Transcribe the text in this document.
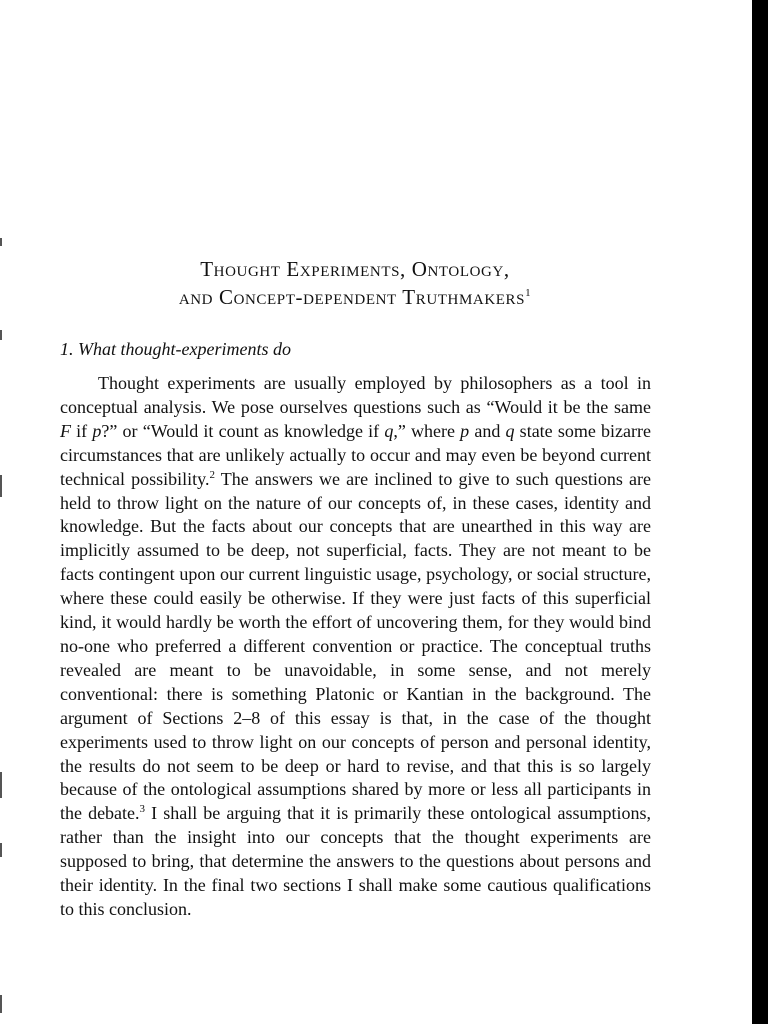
Thought Experiments, Ontology,
and Concept-dependent Truthmakers$^1$
1. What thought-experiments do

Thought experiments are usually employed by philosophers as a tool in conceptual analysis. We pose ourselves questions such as “Would it be the same F if p?” or “Would it count as knowledge if q,” where p and q state some bizarre circumstances that are unlikely actually to occur and may even be beyond current technical possibility.$^2$ The answers we are inclined to give to such questions are held to throw light on the nature of our concepts of, in these cases, identity and knowledge. But the facts about our concepts that are unearthed in this way are implicitly assumed to be deep, not superficial, facts. They are not meant to be facts contingent upon our current linguistic usage, psychology, or social structure, where these could easily be otherwise. If they were just facts of this superficial kind, it would hardly be worth the effort of uncovering them, for they would bind no-one who preferred a different convention or practice. The conceptual truths revealed are meant to be unavoidable, in some sense, and not merely conventional: there is something Platonic or Kantian in the background. The argument of Sections 2–8 of this essay is that, in the case of the thought experiments used to throw light on our concepts of person and personal identity, the results do not seem to be deep or hard to revise, and that this is so largely because of the ontological assumptions shared by more or less all participants in the debate.$^3$ I shall be arguing that it is primarily these ontological assumptions, rather than the insight into our concepts that the thought experiments are supposed to bring, that determine the answers to the questions about persons and their identity. In the final two sections I shall make some cautious qualifications to this conclusion.
